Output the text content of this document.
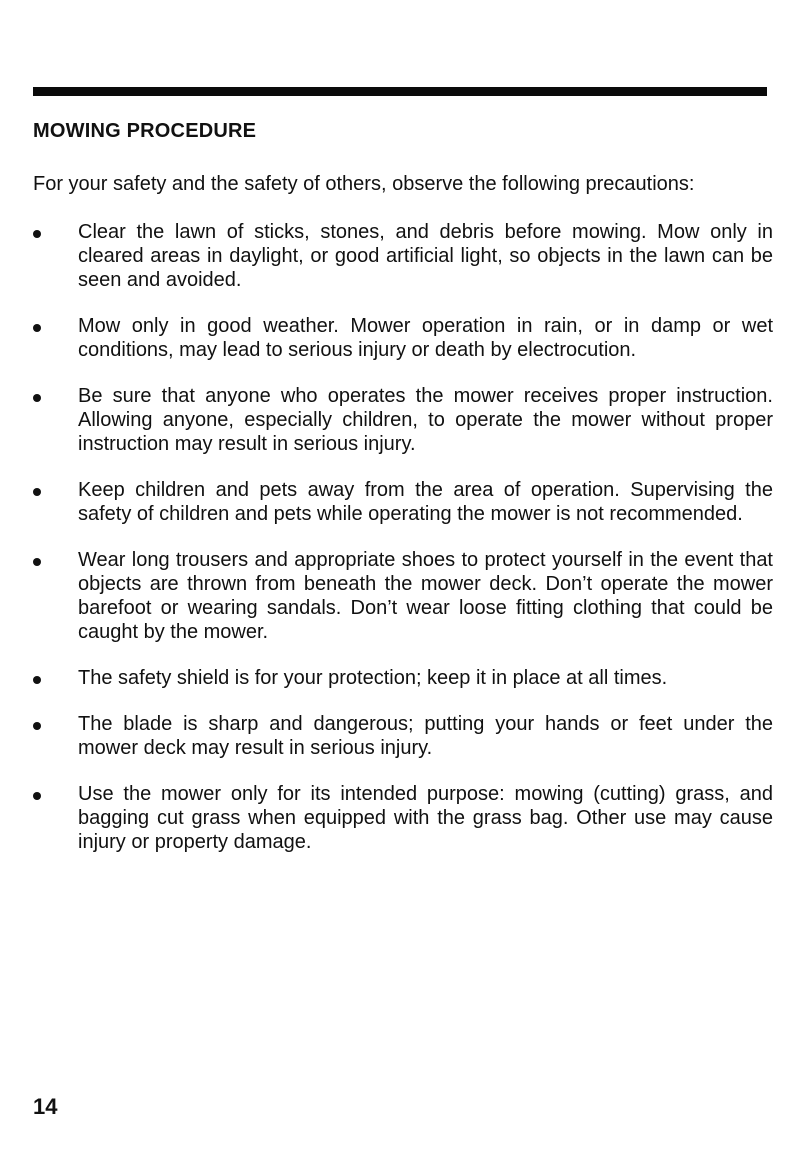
MOWING PROCEDURE

For your safety and the safety of others, observe the following precautions:

Clear the lawn of sticks, stones, and debris before mowing. Mow only in cleared areas in daylight, or good artificial light, so objects in the lawn can be seen and avoided.
Mow only in good weather. Mower operation in rain, or in damp or wet conditions, may lead to serious injury or death by electrocution.
Be sure that anyone who operates the mower receives proper instruction. Allowing anyone, especially children, to operate the mower without proper instruction may result in serious injury.
Keep children and pets away from the area of operation. Supervising the safety of children and pets while operating the mower is not recommended.
Wear long trousers and appropriate shoes to protect yourself in the event that objects are thrown from beneath the mower deck. Don’t operate the mower barefoot or wearing sandals. Don’t wear loose fitting clothing that could be caught by the mower.
The safety shield is for your protection; keep it in place at all times.
The blade is sharp and dangerous; putting your hands or feet under the mower deck may result in serious injury.
Use the mower only for its intended purpose: mowing (cutting) grass, and bagging cut grass when equipped with the grass bag. Other use may cause injury or property damage.
14
